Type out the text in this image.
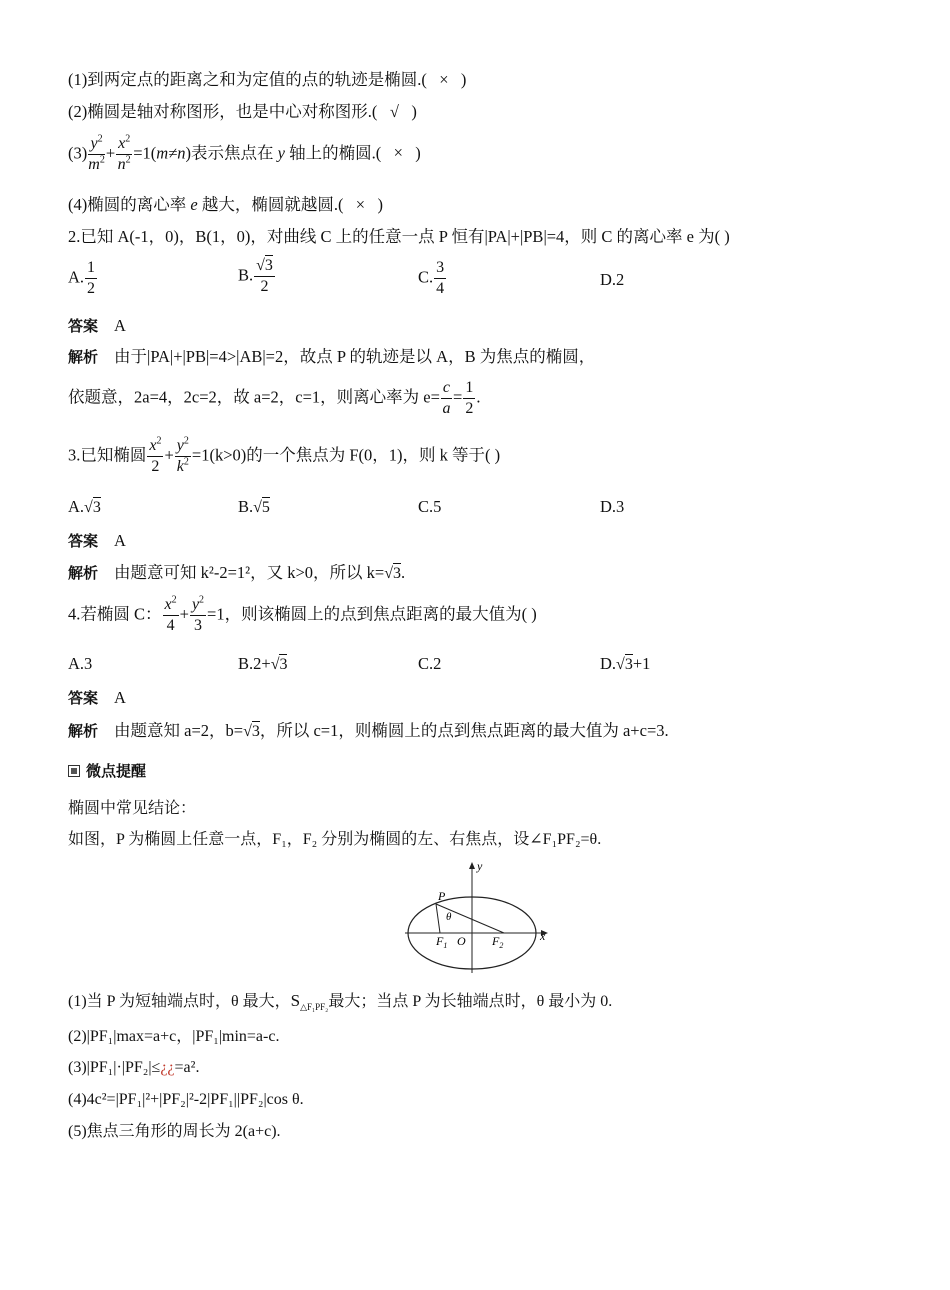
(1)到两定点的距离之和为定值的点的轨迹是椭圆.( × )
(2)椭圆是轴对称图形，也是中心对称图形.( √ )
$(3) \frac{y^2}{m^2} + \frac{x^2}{n^2} =1(m\ne n)$表示焦点在 y 轴上的椭圆.( × )
(4)椭圆的离心率 e 越大，椭圆就越圆.( × )
2.已知 A(-1，0)，B(1，0)，对曲线 C 上的任意一点 P 恒有|PA|+|PB|=4，则 C 的离心率 e 为( )
A. $\frac{1}{2}$	B. $\frac{√3}{2}$	C. $\frac{3}{4}$	D.2
答案 A
解析 由于|PA|+|PB|=4>|AB|=2，故点 P 的轨迹是以 A，B 为焦点的椭圆，
依题意，2a=4，2c=2，故 a=2，c=1，则离心率为 $e= \frac{c}{a} = \frac{1}{2}$ .
3.已知椭圆 $\frac{x^2}{2} + \frac{y^2}{k^2} =1(k>0)$的一个焦点为 F(0，1)，则 k 等于( )
A.√3	B.√5	C.5	D.3
答案 A
解析 由题意可知 k²-2=1²，又 k>0，所以 k=√3.
4.若椭圆 C： $\frac{x^2}{4} + \frac{y^2}{3} =1$，则该椭圆上的点到焦点距离的最大值为( )
A.3	B.2+√3	C.2	D.√3+1
答案 A
解析 由题意知 a=2，b=√3，所以 c=1，则椭圆上的点到焦点距离的最大值为 a+c=3.
微点提醒
椭圆中常见结论：
如图，P 为椭圆上任意一点，F₁，F₂ 分别为椭圆的左、右焦点，设∠F₁PF₂=θ.
y
x
P
θ
$F_1$ O $F_2$
(1)当 P 为短轴端点时，θ 最大，$S_{\triangle F_1PF_2}$最大；当点 P 为长轴端点时，θ 最小为 0.
(2)|PF₁|max=a+c，|PF₁|min=a-c.
(3)|PF₁|·|PF₂|≤¿¿=a².
(4)4c²=|PF₁|²+|PF₂|²-2|PF₁||PF₂|cos θ.
(5)焦点三角形的周长为 2(a+c).
